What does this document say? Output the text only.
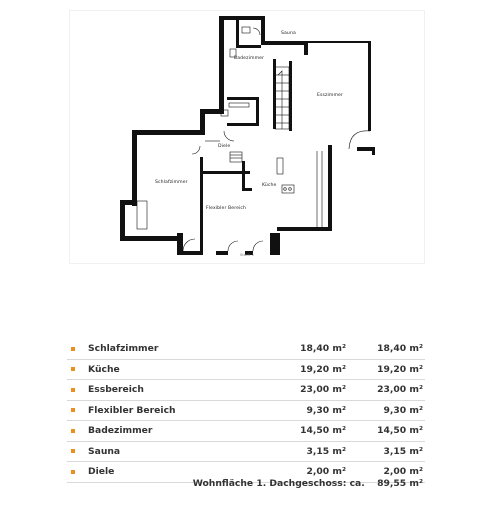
Sauna
Badezimmer
Esszimmer
Diele
Schlafzimmer
Küche
Flexibler Bereich
Stock 1
	Schlafzimmer	18,40 m²	18,40 m²
	Küche	19,20 m²	19,20 m²
	Essbereich	23,00 m²	23,00 m²
	Flexibler Bereich	9,30 m²	9,30 m²
	Badezimmer	14,50 m²	14,50 m²
	Sauna	3,15 m²	3,15 m²
	Diele	2,00 m²	2,00 m²
Wohnfläche 1. Dachgeschoss: ca. 89,55 m²
